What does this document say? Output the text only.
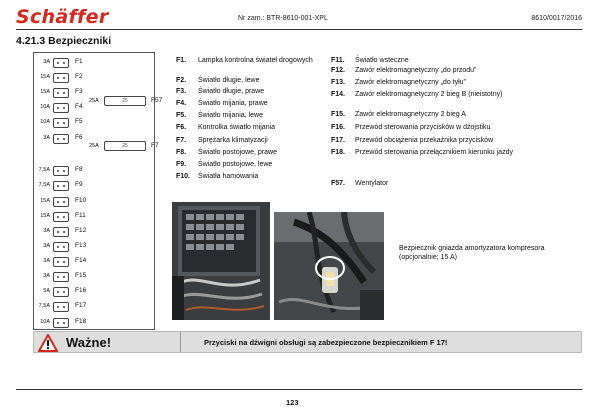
Schäffer	Nr zam.: BTR-8610-001-XPL	8610/0017/2016
4.21.3 Bezpieczniki
3A	F1
15A	F2
15A	F3
10A	F4
10A	F5
3A	F6
7,5A	F8
7,5A	F9
15A	F10
15A	F11
3A	F12
3A	F13
3A	F14
3A	F15
5A	F16
7,5A	F17
10A	F18
25A	25	F57
25A	25	F7
F1. Lampka kontrolna świateł drogowych
F2. Światło długie, lewe
F3. Światło długie, prawe
F4. Światło mijania, prawe
F5. Światło mijania, lewe
F6. Kontrolka światło mijania
F7. Sprężarka klimatyzacji
F8. Światło postojowe, prawe
F9. Światło postojowe, lewe
F10. Światła hamowania
F11. Światło wsteczne
F12. Zawór elektromagnetyczny „do przodu”
F13. Zawór elektromagnetyczny „do tyłu”
F14. Zawór elektromagnetyczny 2 bieg B (nieistotny)
F15. Zawór elektromagnetyczny 2 bieg A
F16. Przewód sterowania przycisków w dźojstiku
F17. Przewód obciążenia przekaźnika przycisków
F18. Przewód sterowania przełącznikiem kierunku jazdy
F57. Wentylator
Bezpiecznik gniazda amortyzatora kompresora (opcjonalnie; 15 A)
Ważne!	Przyciski na dźwigni obsługi są zabezpieczone bezpiecznikiem F 17!
123
